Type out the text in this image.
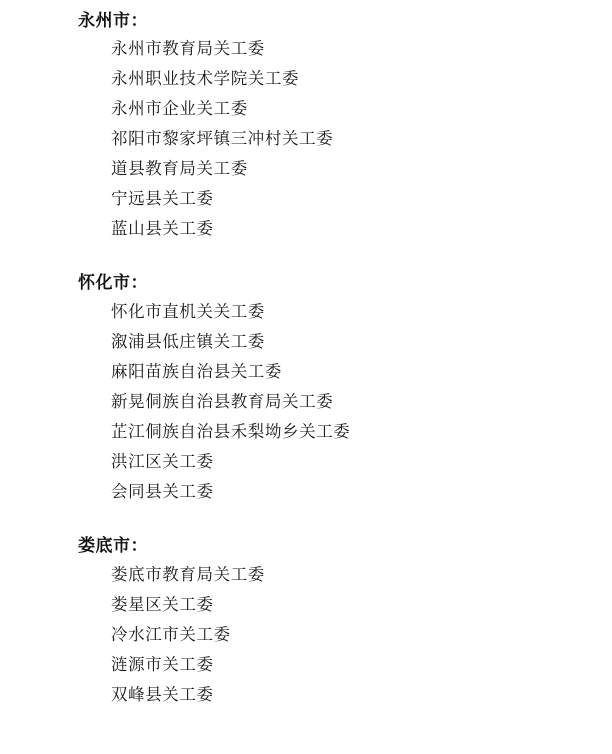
永州市：
永州市教育局关工委
永州职业技术学院关工委
永州市企业关工委
祁阳市黎家坪镇三冲村关工委
道县教育局关工委
宁远县关工委
蓝山县关工委
怀化市：
怀化市直机关关工委
溆浦县低庄镇关工委
麻阳苗族自治县关工委
新晃侗族自治县教育局关工委
芷江侗族自治县禾梨坳乡关工委
洪江区关工委
会同县关工委
娄底市：
娄底市教育局关工委
娄星区关工委
冷水江市关工委
涟源市关工委
双峰县关工委
